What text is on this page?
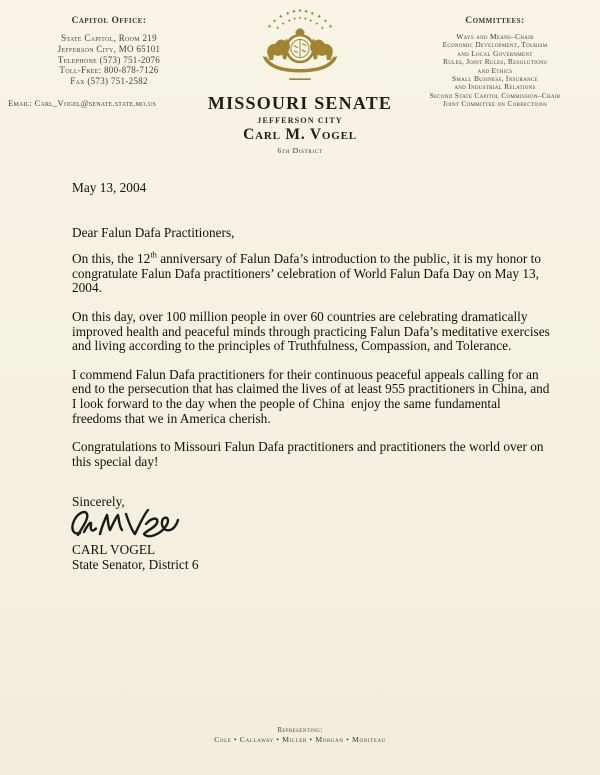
Capitol Office:
State Capitol, Room 219
Jefferson City, MO 65101
Telephone (573) 751-2076
Toll-Free: 800-878-7126
Fax (573) 751-2582
Email: Carl_Vogel@senate.state.mo.us
Committees:
Ways and Means–Chair
Economic Development, Tourism
and Local Government
Rules, Joint Rules, Resolutions
and Ethics
Small Business, Insurance
and Industrial Relations
Second State Capitol Commission–Chair
Joint Committee on Corrections
MISSOURI SENATE
JEFFERSON CITY
Carl M. Vogel
6th District
May 13, 2004
Dear Falun Dafa Practitioners,
On this, the 12th anniversary of Falun Dafa’s introduction to the public, it is my honor to
congratulate Falun Dafa practitioners’ celebration of World Falun Dafa Day on May 13,
2004.
On this day, over 100 million people in over 60 countries are celebrating dramatically
improved health and peaceful minds through practicing Falun Dafa’s meditative exercises
and living according to the principles of Truthfulness, Compassion, and Tolerance.
I commend Falun Dafa practitioners for their continuous peaceful appeals calling for an
end to the persecution that has claimed the lives of at least 955 practitioners in China, and
I look forward to the day when the people of China  enjoy the same fundamental
freedoms that we in America cherish.
Congratulations to Missouri Falun Dafa practitioners and practitioners the world over on
this special day!
Sincerely,
CARL VOGEL
State Senator, District 6
Representing:
Cole • Callaway • Miller • Morgan • Moniteau
